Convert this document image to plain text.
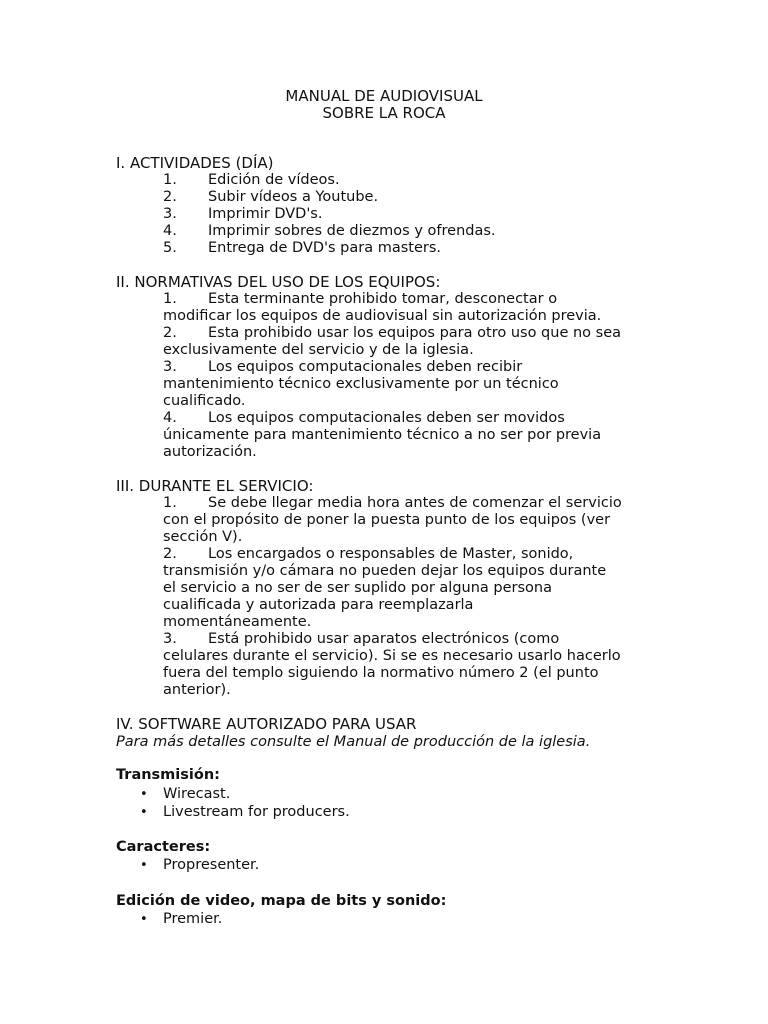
MANUAL DE AUDIOVISUAL
SOBRE LA ROCA
I. ACTIVIDADES (DÍA)
1. Edición de vídeos.
2. Subir vídeos a Youtube.
3. Imprimir DVD's.
4. Imprimir sobres de diezmos y ofrendas.
5. Entrega de DVD's para masters.
II. NORMATIVAS DEL USO DE LOS EQUIPOS:
1. Esta terminante prohibido tomar, desconectar o
modificar los equipos de audiovisual sin autorización previa.
2. Esta prohibido usar los equipos para otro uso que no sea
exclusivamente del servicio y de la iglesia.
3. Los equipos computacionales deben recibir
mantenimiento técnico exclusivamente por un técnico
cualificado.
4. Los equipos computacionales deben ser movidos
únicamente para mantenimiento técnico a no ser por previa
autorización.
III. DURANTE EL SERVICIO:
1. Se debe llegar media hora antes de comenzar el servicio
con el propósito de poner la puesta punto de los equipos (ver
sección V).
2. Los encargados o responsables de Master, sonido,
transmisión y/o cámara no pueden dejar los equipos durante
el servicio a no ser de ser suplido por alguna persona
cualificada y autorizada para reemplazarla
momentáneamente.
3. Está prohibido usar aparatos electrónicos (como
celulares durante el servicio). Si se es necesario usarlo hacerlo
fuera del templo siguiendo la normativo número 2 (el punto
anterior).
IV. SOFTWARE AUTORIZADO PARA USAR
Para más detalles consulte el Manual de producción de la iglesia.
Transmisión:
• Wirecast.
• Livestream for producers.
Caracteres:
• Propresenter.
Edición de video, mapa de bits y sonido:
• Premier.
